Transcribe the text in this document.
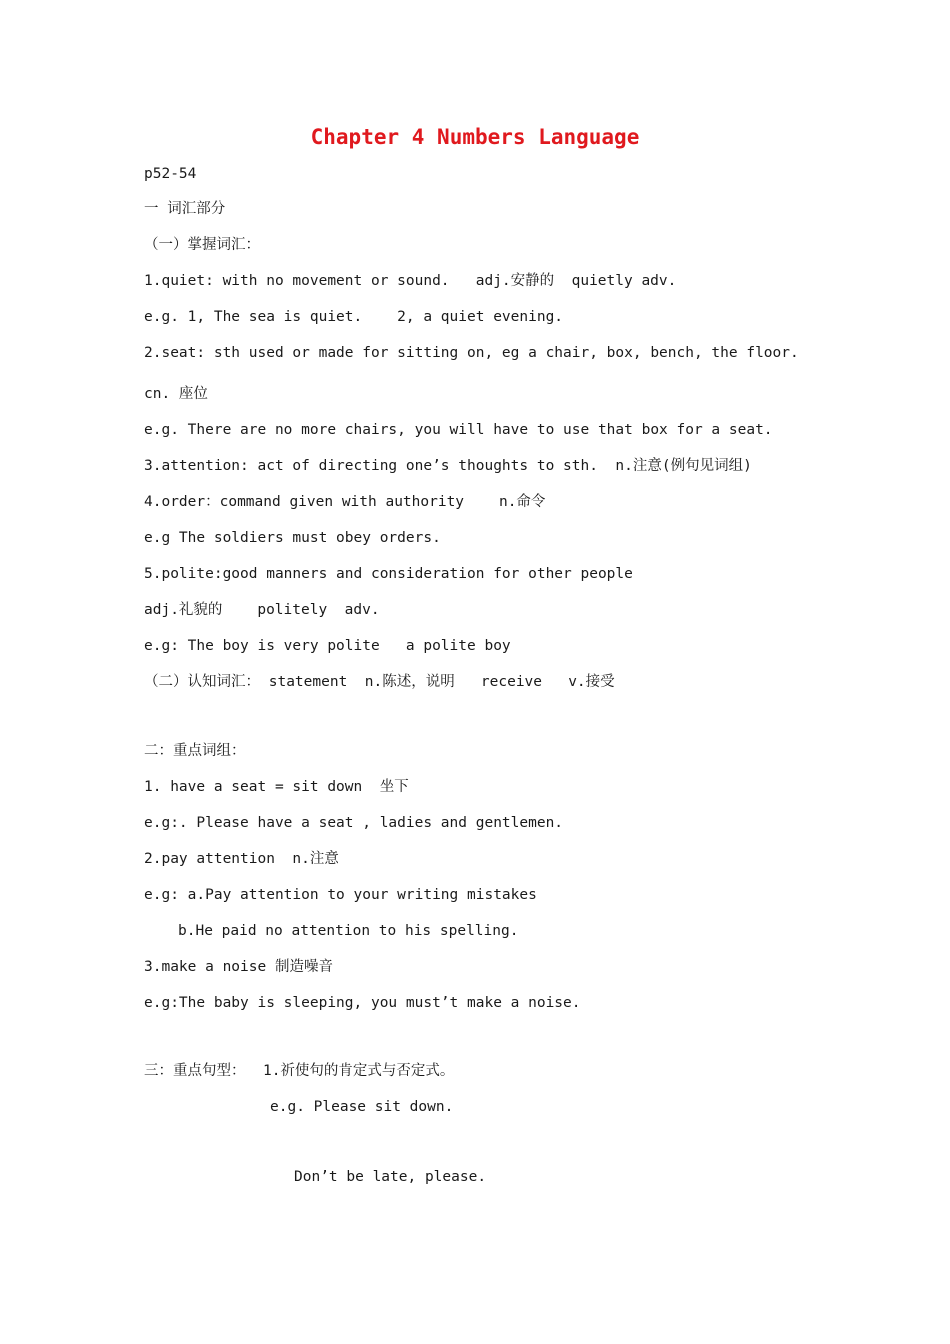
Chapter 4 Numbers Language

p52-54

一 词汇部分

（一）掌握词汇：

1.quiet: with no movement or sound.   adj.安静的  quietly adv.

e.g. 1, The sea is quiet.    2, a quiet evening.

2.seat: sth used or made for sitting on, eg a chair, box, bench, the floor.

cn. 座位

e.g. There are no more chairs, you will have to use that box for a seat.

3.attention: act of directing one’s thoughts to sth.  n.注意(例句见词组)

4.order：command given with authority    n.命令

e.g The soldiers must obey orders.

5.polite:good manners and consideration for other people

adj.礼貌的    politely  adv.

e.g: The boy is very polite   a polite boy

（二）认知词汇： statement  n.陈述，说明   receive   v.接受

二：重点词组：

1. have a seat = sit down  坐下

e.g:. Please have a seat , ladies and gentlemen.

2.pay attention  n.注意

e.g: a.Pay attention to your writing mistakes

b.He paid no attention to his spelling.

3.make a noise 制造噪音

e.g:The baby is sleeping, you must’t make a noise.

三：重点句型：  1.祈使句的肯定式与否定式。

e.g. Please sit down.

Don’t be late, please.
